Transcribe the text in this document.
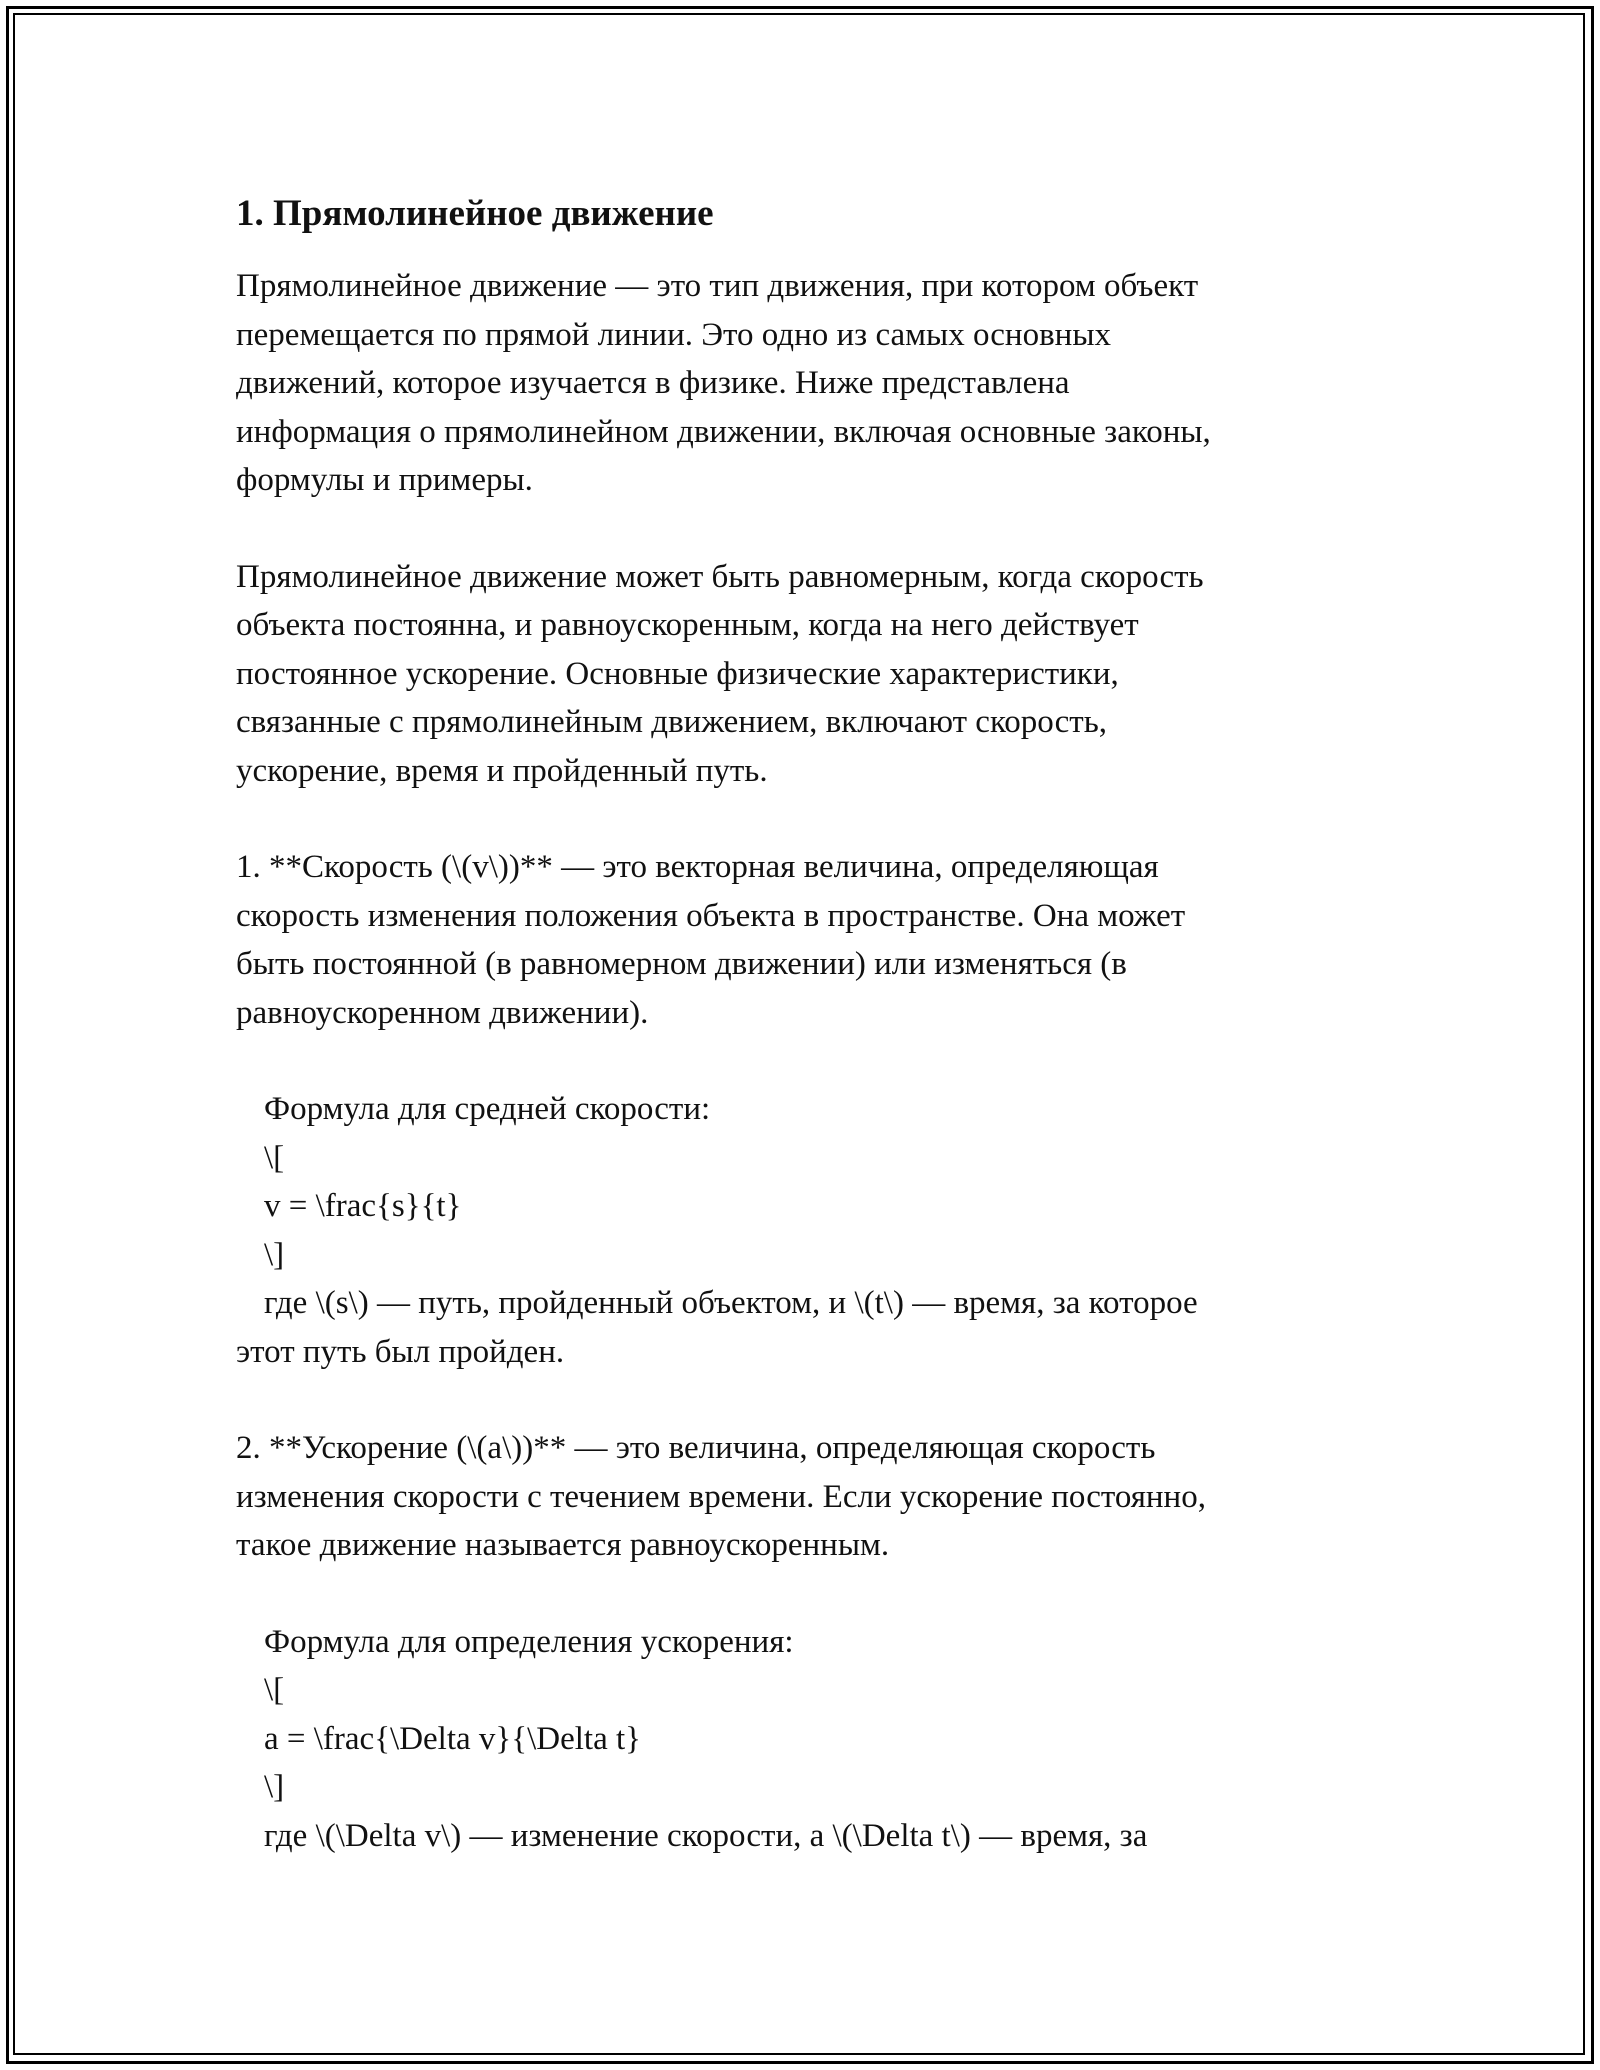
1. Прямолинейное движение
Прямолинейное движение — это тип движения, при котором объект
перемещается по прямой линии. Это одно из самых основных
движений, которое изучается в физике. Ниже представлена
информация о прямолинейном движении, включая основные законы,
формулы и примеры.
Прямолинейное движение может быть равномерным, когда скорость
объекта постоянна, и равноускоренным, когда на него действует
постоянное ускорение. Основные физические характеристики,
связанные с прямолинейным движением, включают скорость,
ускорение, время и пройденный путь.
1. **Скорость (\(v\))** — это векторная величина, определяющая
скорость изменения положения объекта в пространстве. Она может
быть постоянной (в равномерном движении) или изменяться (в
равноускоренном движении).
Формула для средней скорости:
\[
v = \frac{s}{t}
\]
где \(s\) — путь, пройденный объектом, и \(t\) — время, за которое
этот путь был пройден.
2. **Ускорение (\(a\))** — это величина, определяющая скорость
изменения скорости с течением времени. Если ускорение постоянно,
такое движение называется равноускоренным.
Формула для определения ускорения:
\[
a = \frac{\Delta v}{\Delta t}
\]
где \(\Delta v\) — изменение скорости, а \(\Delta t\) — время, за
